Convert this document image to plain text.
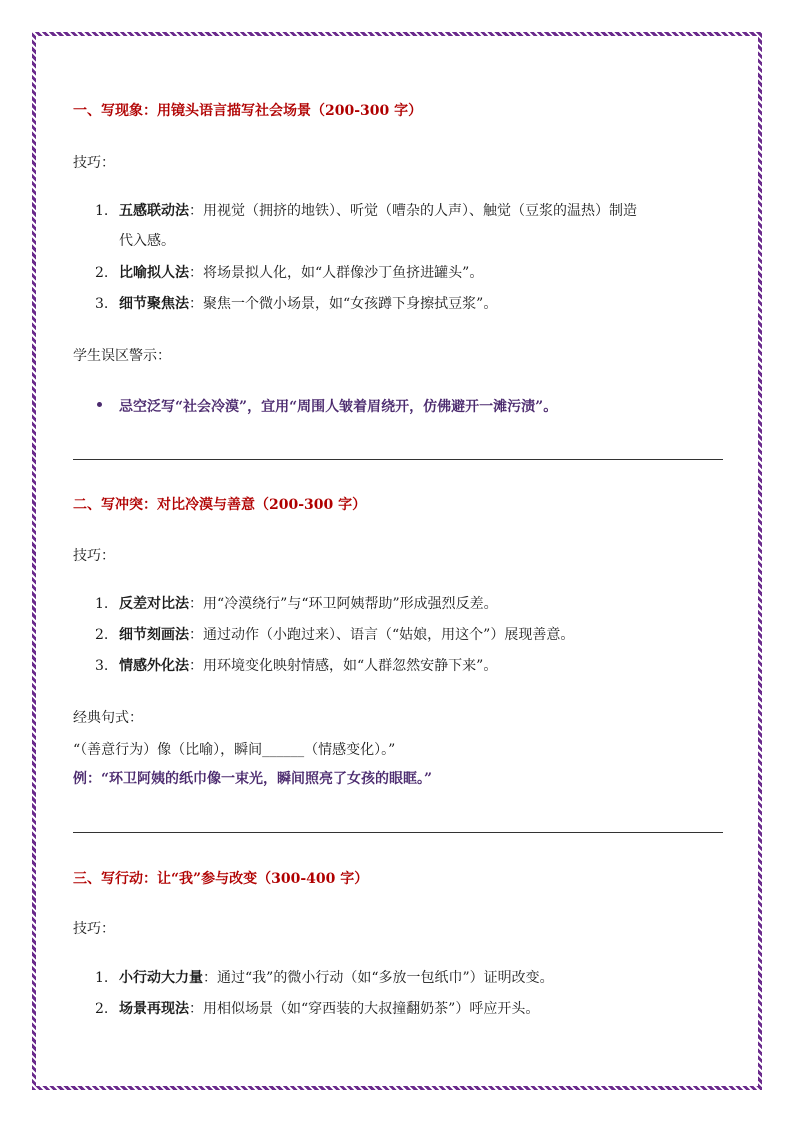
一、写现象：用镜头语言描写社会场景（200-300 字）
技巧：
1. 五感联动法：用视觉（拥挤的地铁）、听觉（嘈杂的人声）、触觉（豆浆的温热）制造
代入感。
2. 比喻拟人法：将场景拟人化，如“人群像沙丁鱼挤进罐头”。
3. 细节聚焦法：聚焦一个微小场景，如“女孩蹲下身擦拭豆浆”。
学生误区警示：
忌空泛写“社会冷漠”，宜用“周围人皱着眉绕开，仿佛避开一滩污渍”。
二、写冲突：对比冷漠与善意（200-300 字）
技巧：
1. 反差对比法：用“冷漠绕行”与“环卫阿姨帮助”形成强烈反差。
2. 细节刻画法：通过动作（小跑过来）、语言（“姑娘，用这个”）展现善意。
3. 情感外化法：用环境变化映射情感，如“人群忽然安静下来”。
经典句式：
“（善意行为）像（比喻），瞬间______（情感变化）。”
例：“环卫阿姨的纸巾像一束光，瞬间照亮了女孩的眼眶。”
三、写行动：让“我”参与改变（300-400 字）
技巧：
1. 小行动大力量：通过“我”的微小行动（如“多放一包纸巾”）证明改变。
2. 场景再现法：用相似场景（如“穿西装的大叔撞翻奶茶”）呼应开头。
